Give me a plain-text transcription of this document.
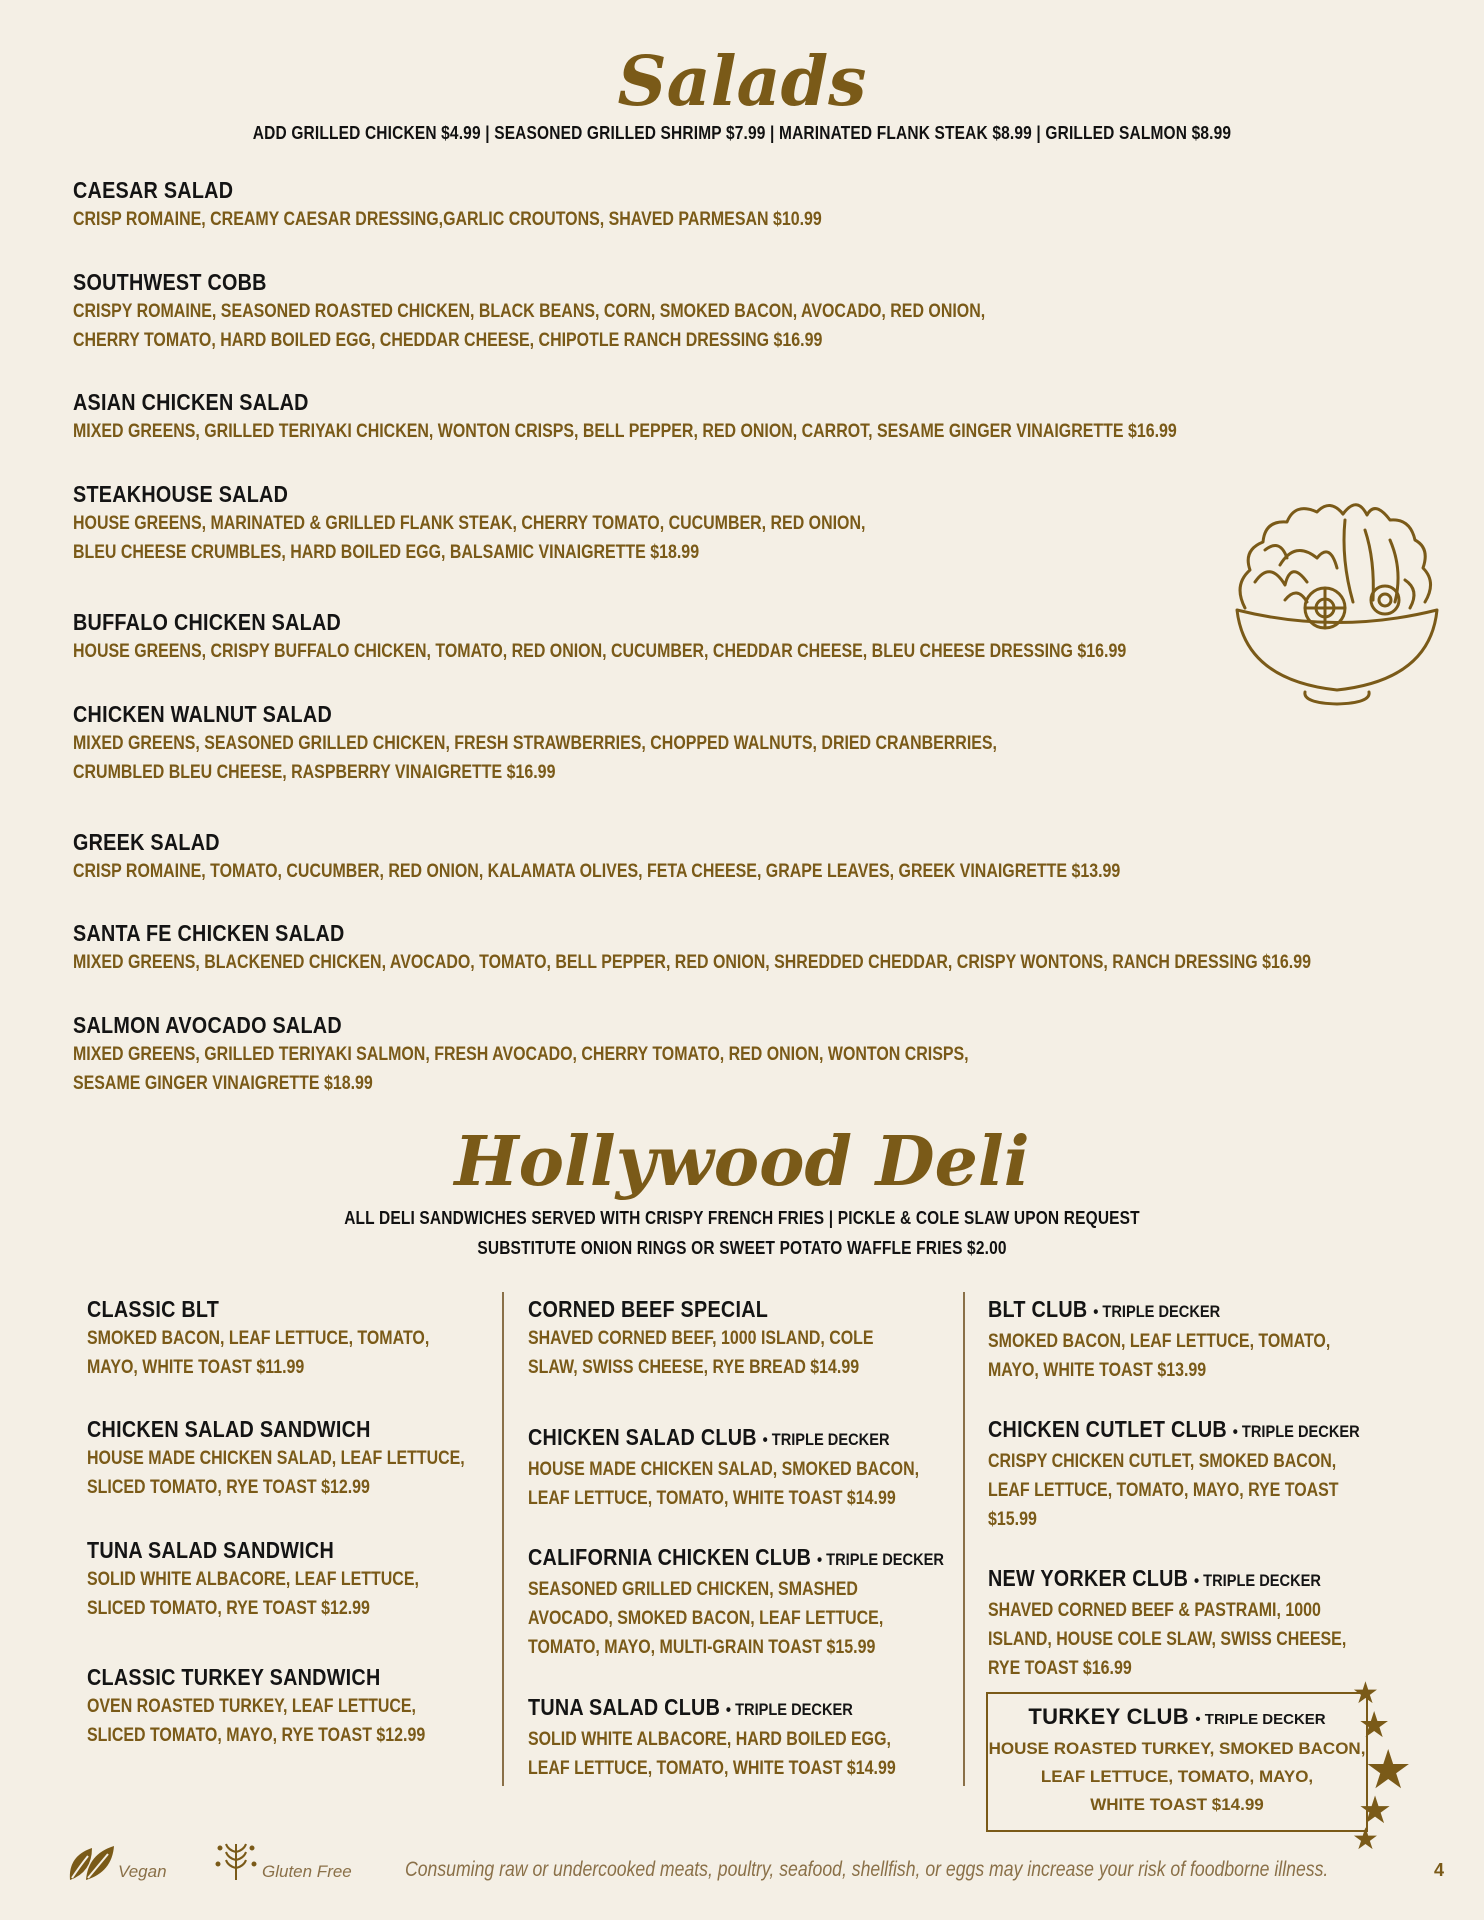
Salads
ADD GRILLED CHICKEN $4.99 | SEASONED GRILLED SHRIMP $7.99 | MARINATED FLANK STEAK $8.99 | GRILLED SALMON $8.99
CAESAR SALAD
CRISP ROMAINE, CREAMY CAESAR DRESSING,GARLIC CROUTONS, SHAVED PARMESAN $10.99
SOUTHWEST COBB
CRISPY ROMAINE, SEASONED ROASTED CHICKEN, BLACK BEANS, CORN, SMOKED BACON, AVOCADO, RED ONION,
CHERRY TOMATO, HARD BOILED EGG, CHEDDAR CHEESE, CHIPOTLE RANCH DRESSING $16.99
ASIAN CHICKEN SALAD
MIXED GREENS, GRILLED TERIYAKI CHICKEN, WONTON CRISPS, BELL PEPPER, RED ONION, CARROT, SESAME GINGER VINAIGRETTE $16.99
STEAKHOUSE SALAD
HOUSE GREENS, MARINATED & GRILLED FLANK STEAK, CHERRY TOMATO, CUCUMBER, RED ONION,
BLEU CHEESE CRUMBLES, HARD BOILED EGG, BALSAMIC VINAIGRETTE $18.99
BUFFALO CHICKEN SALAD
HOUSE GREENS, CRISPY BUFFALO CHICKEN, TOMATO, RED ONION, CUCUMBER, CHEDDAR CHEESE, BLEU CHEESE DRESSING $16.99
CHICKEN WALNUT SALAD
MIXED GREENS, SEASONED GRILLED CHICKEN, FRESH STRAWBERRIES, CHOPPED WALNUTS, DRIED CRANBERRIES,
CRUMBLED BLEU CHEESE, RASPBERRY VINAIGRETTE $16.99
GREEK SALAD
CRISP ROMAINE, TOMATO, CUCUMBER, RED ONION, KALAMATA OLIVES, FETA CHEESE, GRAPE LEAVES, GREEK VINAIGRETTE $13.99
SANTA FE CHICKEN SALAD
MIXED GREENS, BLACKENED CHICKEN, AVOCADO, TOMATO, BELL PEPPER, RED ONION, SHREDDED CHEDDAR, CRISPY WONTONS, RANCH DRESSING $16.99
SALMON AVOCADO SALAD
MIXED GREENS, GRILLED TERIYAKI SALMON, FRESH AVOCADO, CHERRY TOMATO, RED ONION, WONTON CRISPS,
SESAME GINGER VINAIGRETTE $18.99
Hollywood Deli
ALL DELI SANDWICHES SERVED WITH CRISPY FRENCH FRIES | PICKLE & COLE SLAW UPON REQUEST
SUBSTITUTE ONION RINGS OR SWEET POTATO WAFFLE FRIES $2.00
CLASSIC BLT
SMOKED BACON, LEAF LETTUCE, TOMATO,
MAYO, WHITE TOAST $11.99
CHICKEN SALAD SANDWICH
HOUSE MADE CHICKEN SALAD, LEAF LETTUCE,
SLICED TOMATO, RYE TOAST $12.99
TUNA SALAD SANDWICH
SOLID WHITE ALBACORE, LEAF LETTUCE,
SLICED TOMATO, RYE TOAST $12.99
CLASSIC TURKEY SANDWICH
OVEN ROASTED TURKEY, LEAF LETTUCE,
SLICED TOMATO, MAYO, RYE TOAST $12.99
CORNED BEEF SPECIAL
SHAVED CORNED BEEF, 1000 ISLAND, COLE
SLAW, SWISS CHEESE, RYE BREAD $14.99
CHICKEN SALAD CLUB • TRIPLE DECKER
HOUSE MADE CHICKEN SALAD, SMOKED BACON,
LEAF LETTUCE, TOMATO, WHITE TOAST $14.99
CALIFORNIA CHICKEN CLUB • TRIPLE DECKER
SEASONED GRILLED CHICKEN, SMASHED
AVOCADO, SMOKED BACON, LEAF LETTUCE,
TOMATO, MAYO, MULTI-GRAIN TOAST $15.99
TUNA SALAD CLUB • TRIPLE DECKER
SOLID WHITE ALBACORE, HARD BOILED EGG,
LEAF LETTUCE, TOMATO, WHITE TOAST $14.99
BLT CLUB • TRIPLE DECKER
SMOKED BACON, LEAF LETTUCE, TOMATO,
MAYO, WHITE TOAST $13.99
CHICKEN CUTLET CLUB • TRIPLE DECKER
CRISPY CHICKEN CUTLET, SMOKED BACON,
LEAF LETTUCE, TOMATO, MAYO, RYE TOAST
$15.99
NEW YORKER CLUB • TRIPLE DECKER
SHAVED CORNED BEEF & PASTRAMI, 1000
ISLAND, HOUSE COLE SLAW, SWISS CHEESE,
RYE TOAST $16.99
TURKEY CLUB • TRIPLE DECKER
HOUSE ROASTED TURKEY, SMOKED BACON,
LEAF LETTUCE, TOMATO, MAYO,
WHITE TOAST $14.99
★
★
★
★
★
Vegan	Gluten Free	Consuming raw or undercooked meats, poultry, seafood, shellfish, or eggs may increase your risk of foodborne illness.	4
